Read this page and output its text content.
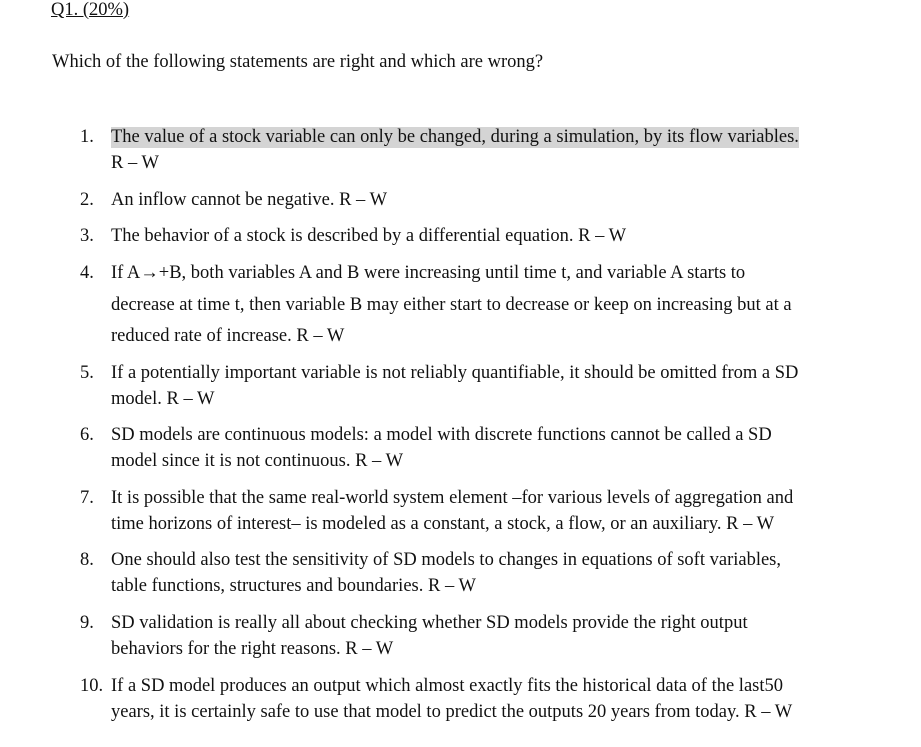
Q1. (20%)
Which of the following statements are right and which are wrong?
1. The value of a stock variable can only be changed, during a simulation, by its flow variables.
R – W
2. An inflow cannot be negative. R – W
3. The behavior of a stock is described by a differential equation. R – W
4. If A→+B, both variables A and B were increasing until time t, and variable A starts to
decrease at time t, then variable B may either start to decrease or keep on increasing but at a
reduced rate of increase. R – W
5. If a potentially important variable is not reliably quantifiable, it should be omitted from a SD
model. R – W
6. SD models are continuous models: a model with discrete functions cannot be called a SD
model since it is not continuous. R – W
7. It is possible that the same real-world system element –for various levels of aggregation and
time horizons of interest– is modeled as a constant, a stock, a flow, or an auxiliary. R – W
8. One should also test the sensitivity of SD models to changes in equations of soft variables,
table functions, structures and boundaries. R – W
9. SD validation is really all about checking whether SD models provide the right output
behaviors for the right reasons. R – W
10. If a SD model produces an output which almost exactly fits the historical data of the last50
years, it is certainly safe to use that model to predict the outputs 20 years from today. R – W
